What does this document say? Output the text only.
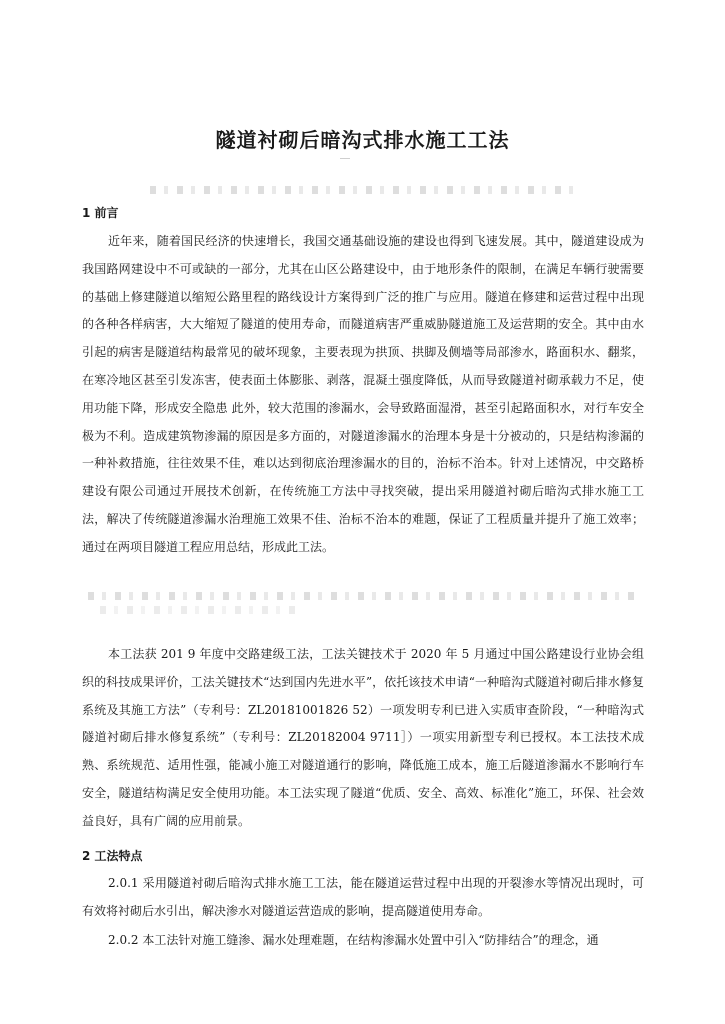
隧道衬砌后暗沟式排水施工工法
1 前言

近年来，随着国民经济的快速增长，我国交通基础设施的建设也得到飞速发展。其中，隧道建设成为我国路网建设中不可或缺的一部分，尤其在山区公路建设中，由于地形条件的限制，在满足车辆行驶需要的基础上修建隧道以缩短公路里程的路线设计方案得到广泛的推广与应用。隧道在修建和运营过程中出现的各种各样病害，大大缩短了隧道的使用寿命，而隧道病害严重威胁隧道施工及运营期的安全。其中由水引起的病害是隧道结构最常见的破坏现象，主要表现为拱顶、拱脚及侧墙等局部渗水，路面积水、翻浆，在寒冷地区甚至引发冻害，使表面土体膨胀、剥落，混凝土强度降低，从而导致隧道衬砌承载力不足，使用功能下降，形成安全隐患 此外，较大范围的渗漏水，会导致路面湿滑，甚至引起路面积水，对行车安全极为不利。造成建筑物渗漏的原因是多方面的，对隧道渗漏水的治理本身是十分被动的，只是结构渗漏的一种补救措施，往往效果不佳，难以达到彻底治理渗漏水的目的，治标不治本。针对上述情况，中交路桥建设有限公司通过开展技术创新，在传统施工方法中寻找突破，提出采用隧道衬砌后暗沟式排水施工工法，解决了传统隧道渗漏水治理施工效果不佳、治标不治本的难题，保证了工程质量并提升了施工效率；通过在两项目隧道工程应用总结，形成此工法。

本工法获 201 9 年度中交路建级工法，工法关键技术于 2020 年 5 月通过中国公路建设行业协会组织的科技成果评价，工法关键技术“达到国内先进水平”，依托该技术申请“一种暗沟式隧道衬砌后排水修复系统及其施工方法”（专利号：ZL20181001826 52）一项发明专利已进入实质审查阶段，“一种暗沟式隧道衬砌后排水修复系统”（专利号：ZL20182004 9711］）一项实用新型专利已授权。本工法技术成熟、系统规范、适用性强，能减小施工对隧道通行的影响，降低施工成本，施工后隧道渗漏水不影响行车安全，隧道结构满足安全使用功能。本工法实现了隧道“优质、安全、高效、标准化”施工，环保、社会效益良好，具有广阔的应用前景。

2 工法特点

2.0.1 采用隧道衬砌后暗沟式排水施工工法，能在隧道运营过程中出现的开裂渗水等情况出现时，可有效将衬砌后水引出，解决渗水对隧道运营造成的影响，提高隧道使用寿命。

2.0.2 本工法针对施工缝渗、漏水处理难题，在结构渗漏水处置中引入“防排结合”的理念，通
